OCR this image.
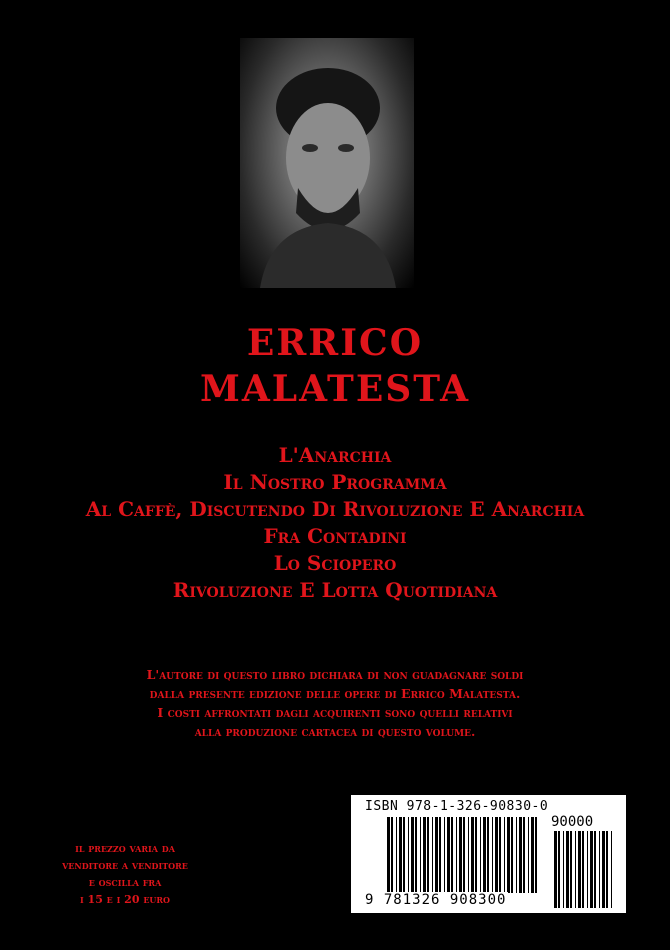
ERRICO
MALATESTA
L'Anarchia
Il Nostro Programma
Al Caffè, Discutendo Di Rivoluzione E Anarchia
Fra Contadini
Lo Sciopero
Rivoluzione E Lotta Quotidiana

L'autore di questo libro dichiara di non guadagnare soldi

dalla presente edizione delle opere di Errico Malatesta.

I costi affrontati dagli acquirenti sono quelli relativi

alla produzione cartacea di questo volume.

il prezzo varia da

venditore a venditore

e oscilla fra

i 15 e i 20 euro

ISBN 978-1-326-90830-0
90000
9 781326 908300
